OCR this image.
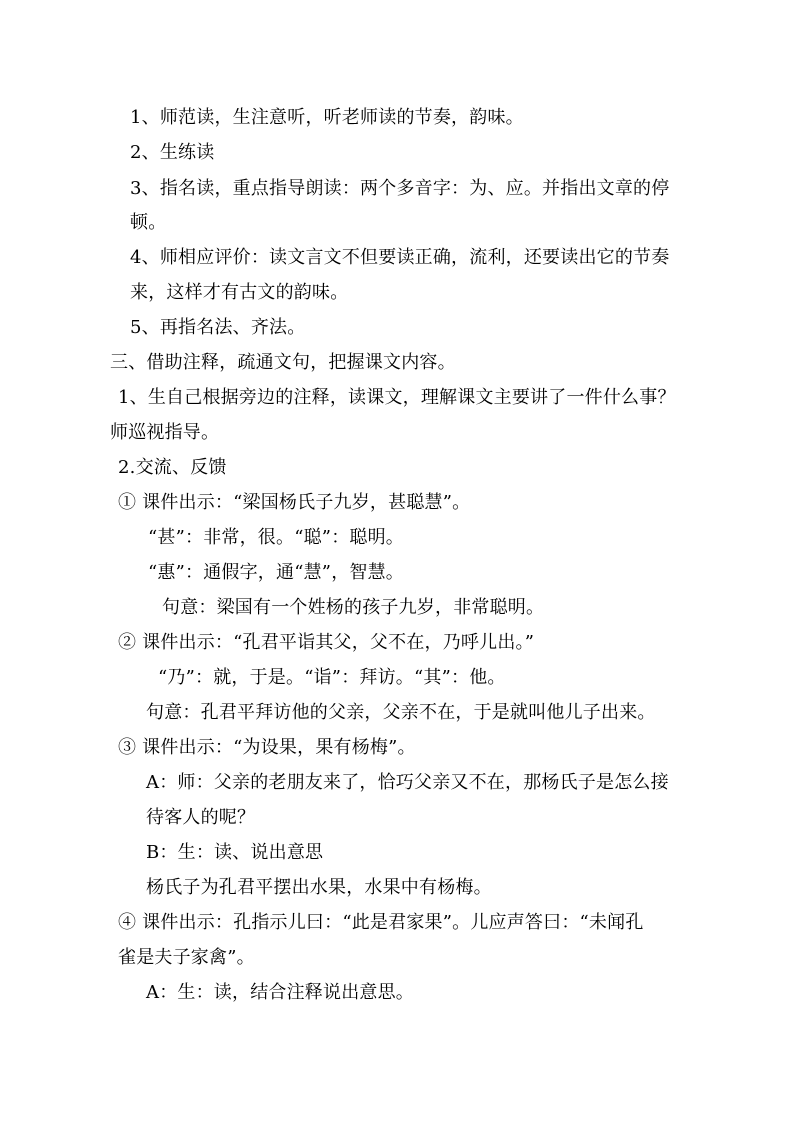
1、师范读，生注意听，听老师读的节奏，韵味。
2、生练读
3、指名读，重点指导朗读：两个多音字：为、应。并指出文章的停
顿。
4、师相应评价：读文言文不但要读正确，流利，还要读出它的节奏
来，这样才有古文的韵味。
5、再指名法、齐法。
三、借助注释，疏通文句，把握课文内容。
1、生自己根据旁边的注释，读课文，理解课文主要讲了一件什么事？
师巡视指导。
2.交流、反馈
① 课件出示：“梁国杨氏子九岁，甚聪慧”。
“甚”：非常，很。“聪”：聪明。
“惠”：通假字，通“慧”，智慧。
句意：梁国有一个姓杨的孩子九岁，非常聪明。
② 课件出示：“孔君平诣其父，父不在，乃呼儿出。”
“乃”：就，于是。“诣”：拜访。“其”：他。
句意：孔君平拜访他的父亲，父亲不在，于是就叫他儿子出来。
③ 课件出示：“为设果，果有杨梅”。
A：师：父亲的老朋友来了，恰巧父亲又不在，那杨氏子是怎么接
待客人的呢？
B：生：读、说出意思
杨氏子为孔君平摆出水果，水果中有杨梅。
④ 课件出示：孔指示儿曰：“此是君家果”。儿应声答曰：“未闻孔
雀是夫子家禽”。
A：生：读，结合注释说出意思。
